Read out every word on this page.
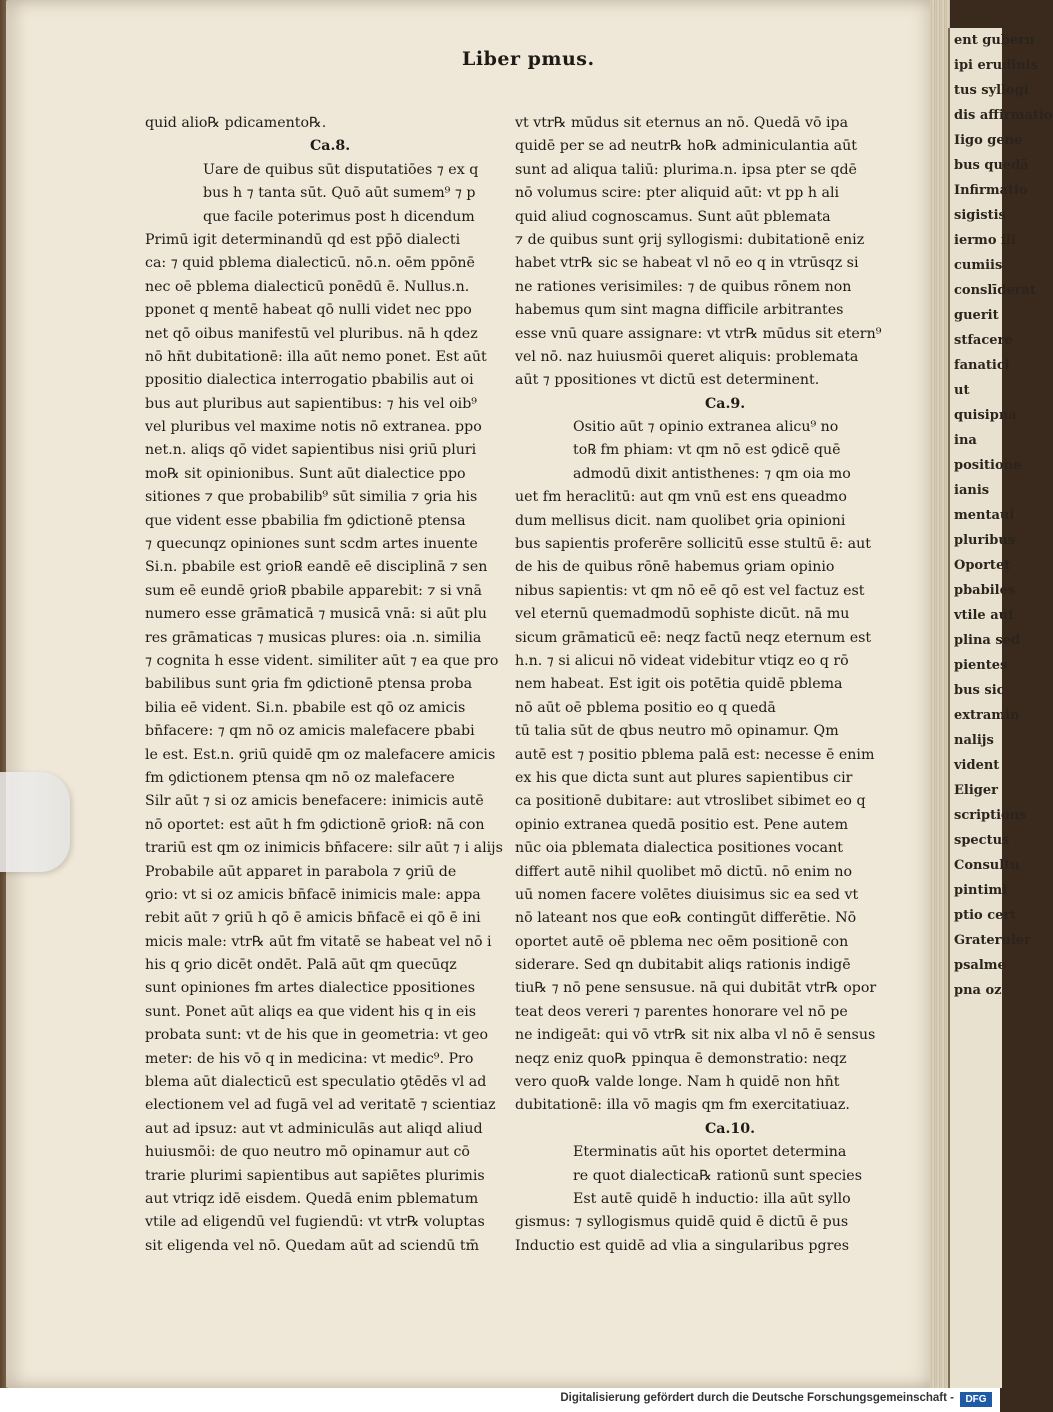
ent gubern
ipi erudinis
tus syllogi
dis affirmatio
Iigo gene
bus quedā
Infirmatio
sigistis
iermo ili
cumiis
conslīderat
guerit
stfacere
fanatici
ut
quisipna
ina
positione
ianis
mentaui
pluribus
Oportet
pbabiles
vtile aut
plina sed
pientes
bus sic
extramin
nalijs
vident
Eliger
scriptions
spectus
Consultu
pintimi
ptio cert
Grateruler
psalme
pna oz
Liber pmus.
quid alio℞ pdicamento℞.
Ca.8.
Uare de quibus sūt disputatiōes ⁊ ex q
bus h ⁊ tanta sūt. Quō aūt sumem⁹ ⁊ p
que facile poterimus post h dicendum
Primū igit determinandū qd est pp̄ō dialecti
ca: ⁊ quid pblema dialecticū. nō.n. oēm ppōnē
nec oē pblema dialecticū ponēdū ē. Nullus.n.
pponet q mentē habeat qō nulli videt nec ppo
net qō oibus manifestū vel pluribus. nā h qdez
nō hn̄t dubitationē: illa aūt nemo ponet. Est aūt
ppositio dialectica interrogatio pbabilis aut oi
bus aut pluribus aut sapientibus: ⁊ his vel oib⁹
vel pluribus vel maxime notis nō extranea. ppo
net.n. aliqs qō videt sapientibus nisi ꝯriū pluri
mo℞ sit opinionibus. Sunt aūt dialectice ppo
sitiones ⁊ que probabilib⁹ sūt similia ⁊ ꝯria his
que vident esse pbabilia fm ꝯdictionē ptensa
⁊ quecunqz opiniones sunt scdm artes inuente
Si.n. pbabile est ꝯrio℞ eandē eē disciplinā ⁊ sen
sum eē eundē ꝯrio℞ pbabile apparebit: ⁊ si vnā
numero esse grāmaticā ⁊ musicā vnā: si aūt plu
res grāmaticas ⁊ musicas plures: oia .n. similia
⁊ cognita h esse vident. similiter aūt ⁊ ea que pro
babilibus sunt ꝯria fm ꝯdictionē ptensa proba
bilia eē vident. Si.n. pbabile est qō oz amicis
bn̄facere: ⁊ qm nō oz amicis malefacere pbabi
le est. Est.n. ꝯriū quidē qm oz malefacere amicis
fm ꝯdictionem ptensa qm nō oz malefacere
Silr aūt ⁊ si oz amicis benefacere: inimicis autē
nō oportet: est aūt h fm ꝯdictionē ꝯrio℞: nā con
trariū est qm oz inimicis bn̄facere: silr aūt ⁊ i alijs
Probabile aūt apparet in parabola ⁊ ꝯriū de
ꝯrio: vt si oz amicis bn̄facē inimicis male: appa
rebit aūt ⁊ ꝯriū h qō ē amicis bn̄facē ei qō ē ini
micis male: vtr℞ aūt fm vitatē se habeat vel nō i
his q ꝯrio dicēt ondēt. Palā aūt qm quecūqz
sunt opiniones fm artes dialectice ppositiones
sunt. Ponet aūt aliqs ea que vident his q in eis
probata sunt: vt de his que in geometria: vt geo
meter: de his vō q in medicina: vt medic⁹. Pro
blema aūt dialecticū est speculatio ꝯtēdēs vl ad
electionem vel ad fugā vel ad veritatē ⁊ scientiaz
aut ad ipsuz: aut vt adminiculās aut aliqd aliud
huiusmōi: de quo neutro mō opinamur aut cō
trarie plurimi sapientibus aut sapiētes plurimis
aut vtriqz idē eisdem. Quedā enim pblematum
vtile ad eligendū vel fugiendū: vt vtr℞ voluptas
sit eligenda vel nō. Quedam aūt ad sciendū tm̄
vt vtr℞ mūdus sit eternus an nō. Quedā vō ipa
quidē per se ad neutr℞ ho℞ adminiculantia aūt
sunt ad aliqua taliū: plurima.n. ipsa pter se qdē
nō volumus scire: pter aliquid aūt: vt pp h ali
quid aliud cognoscamus. Sunt aūt pblemata
⁊ de quibus sunt ꝯrij syllogismi: dubitationē eniz
habet vtr℞ sic se habeat vl nō eo q in vtrūsqz si
ne rationes verisimiles: ⁊ de quibus rōnem non
habemus qum sint magna difficile arbitrantes
esse vnū quare assignare: vt vtr℞ mūdus sit etern⁹
vel nō. naz huiusmōi queret aliquis: problemata
aūt ⁊ ppositiones vt dictū est determinent.
Ca.9.
Ositio aūt ⁊ opinio extranea alicu⁹ no
to℞ fm phiam: vt qm nō est ꝯdicē quē
admodū dixit antisthenes: ⁊ qm oia mo
uet fm heraclitū: aut qm vnū est ens queadmo
dum mellisus dicit. nam quolibet ꝯria opinioni
bus sapientis proferēre sollicitū esse stultū ē: aut
de his de quibus rōnē habemus ꝯriam opinio
nibus sapientis: vt qm nō eē qō est vel factuz est
vel eternū quemadmodū sophiste dicūt. nā mu
sicum grāmaticū eē: neqz factū neqz eternum est
h.n. ⁊ si alicui nō videat videbitur vtiqz eo q rō
nem habeat. Est igit ois potētia quidē pblema
nō aūt oē pblema positio eo q quedā
tū talia sūt de qbus neutro mō opinamur. Qm
autē est ⁊ positio pblema palā est: necesse ē enim
ex his que dicta sunt aut plures sapientibus cir
ca positionē dubitare: aut vtroslibet sibimet eo q
opinio extranea quedā positio est. Pene autem
nūc oia pblemata dialectica positiones vocant
differt autē nihil quolibet mō dictū. nō enim no
uū nomen facere volētes diuisimus sic ea sed vt
nō lateant nos que eo℞ contingūt differētie. Nō
oportet autē oē pblema nec oēm positionē con
siderare. Sed qn dubitabit aliqs rationis indigē
tiu℞ ⁊ nō pene sensusue. nā qui dubitāt vtr℞ opor
teat deos vereri ⁊ parentes honorare vel nō pe
ne indigeāt: qui vō vtr℞ sit nix alba vl nō ē sensus
neqz eniz quo℞ ppinqua ē demonstratio: neqz
vero quo℞ valde longe. Nam h quidē non hn̄t
dubitationē: illa vō magis qm fm exercitatiuaz.
Ca.10.
Eterminatis aūt his oportet determina
re quot dialectica℞ rationū sunt species
Est autē quidē h inductio: illa aūt syllo
gismus: ⁊ syllogismus quidē quid ē dictū ē pus
Inductio est quidē ad vlia a singularibus pgres
Digitalisierung gefördert durch die Deutsche Forschungsgemeinschaft -	DFG
